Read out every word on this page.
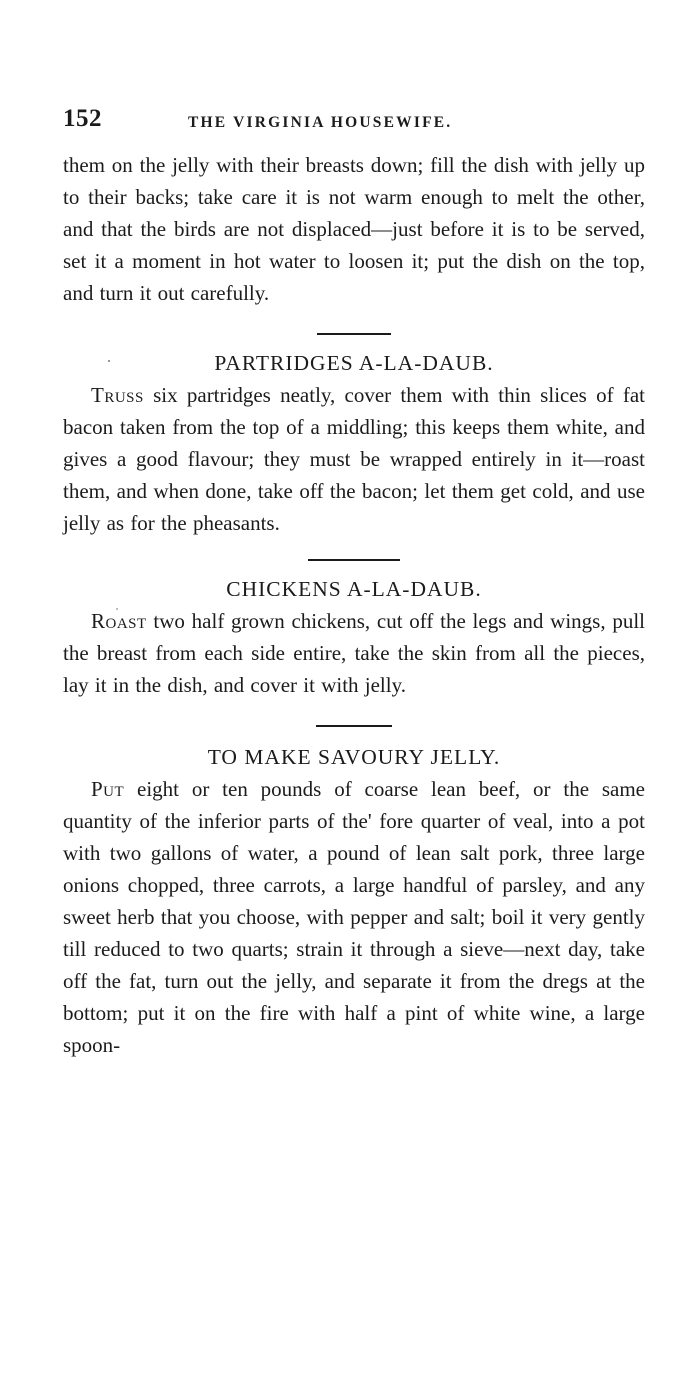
152	THE VIRGINIA HOUSEWIFE.

them on the jelly with their breasts down; fill the dish with jelly up to their backs; take care it is not warm enough to melt the other, and that the birds are not displaced—just before it is to be served, set it a moment in hot water to loosen it; put the dish on the top, and turn it out carefully.

PARTRIDGES A-LA-DAUB.

Truss six partridges neatly, cover them with thin slices of fat bacon taken from the top of a middling; this keeps them white, and gives a good flavour; they must be wrapped entirely in it—roast them, and when done, take off the bacon; let them get cold, and use jelly as for the pheasants.

CHICKENS A-LA-DAUB.

Roast two half grown chickens, cut off the legs and wings, pull the breast from each side entire, take the skin from all the pieces, lay it in the dish, and cover it with jelly.

TO MAKE SAVOURY JELLY.

Put eight or ten pounds of coarse lean beef, or the same quantity of the inferior parts of the' fore quarter of veal, into a pot with two gallons of water, a pound of lean salt pork, three large onions chopped, three carrots, a large handful of parsley, and any sweet herb that you choose, with pepper and salt; boil it very gently till reduced to two quarts; strain it through a sieve—next day, take off the fat, turn out the jelly, and separate it from the dregs at the bottom; put it on the fire with half a pint of white wine, a large spoon-
